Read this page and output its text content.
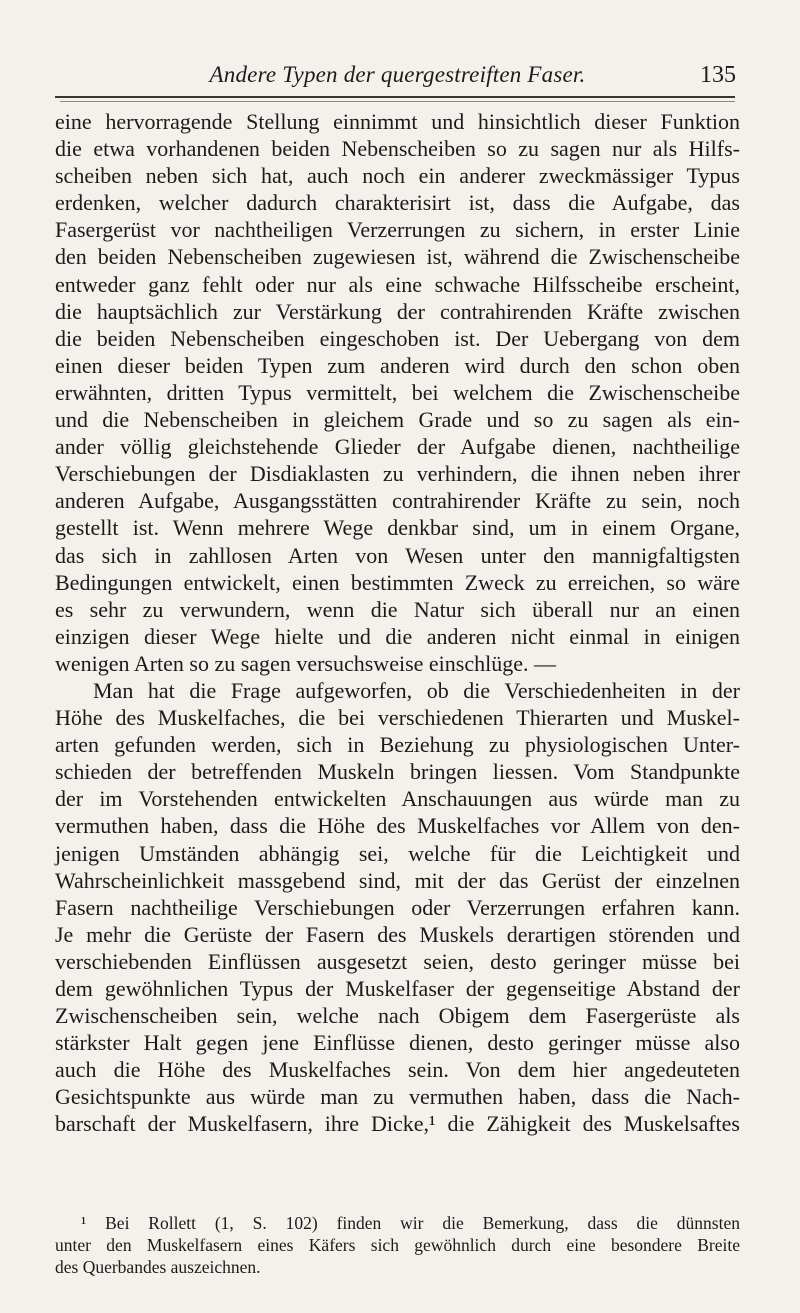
Andere Typen der quergestreiften Faser.	135
eine hervorragende Stellung einnimmt und hinsichtlich dieser Funktion
die etwa vorhandenen beiden Nebenscheiben so zu sagen nur als Hilfs-
scheiben neben sich hat, auch noch ein anderer zweckmässiger Typus
erdenken, welcher dadurch charakterisirt ist, dass die Aufgabe, das
Fasergerüst vor nachtheiligen Verzerrungen zu sichern, in erster Linie
den beiden Nebenscheiben zugewiesen ist, während die Zwischenscheibe
entweder ganz fehlt oder nur als eine schwache Hilfsscheibe erscheint,
die hauptsächlich zur Verstärkung der contrahirenden Kräfte zwischen
die beiden Nebenscheiben eingeschoben ist. Der Uebergang von dem
einen dieser beiden Typen zum anderen wird durch den schon oben
erwähnten, dritten Typus vermittelt, bei welchem die Zwischenscheibe
und die Nebenscheiben in gleichem Grade und so zu sagen als ein-
ander völlig gleichstehende Glieder der Aufgabe dienen, nachtheilige
Verschiebungen der Disdiaklasten zu verhindern, die ihnen neben ihrer
anderen Aufgabe, Ausgangsstätten contrahirender Kräfte zu sein, noch
gestellt ist. Wenn mehrere Wege denkbar sind, um in einem Organe,
das sich in zahllosen Arten von Wesen unter den mannigfaltigsten
Bedingungen entwickelt, einen bestimmten Zweck zu erreichen, so wäre
es sehr zu verwundern, wenn die Natur sich überall nur an einen
einzigen dieser Wege hielte und die anderen nicht einmal in einigen
wenigen Arten so zu sagen versuchsweise einschlüge. —
Man hat die Frage aufgeworfen, ob die Verschiedenheiten in der
Höhe des Muskelfaches, die bei verschiedenen Thierarten und Muskel-
arten gefunden werden, sich in Beziehung zu physiologischen Unter-
schieden der betreffenden Muskeln bringen liessen. Vom Standpunkte
der im Vorstehenden entwickelten Anschauungen aus würde man zu
vermuthen haben, dass die Höhe des Muskelfaches vor Allem von den-
jenigen Umständen abhängig sei, welche für die Leichtigkeit und
Wahrscheinlichkeit massgebend sind, mit der das Gerüst der einzelnen
Fasern nachtheilige Verschiebungen oder Verzerrungen erfahren kann.
Je mehr die Gerüste der Fasern des Muskels derartigen störenden und
verschiebenden Einflüssen ausgesetzt seien, desto geringer müsse bei
dem gewöhnlichen Typus der Muskelfaser der gegenseitige Abstand der
Zwischenscheiben sein, welche nach Obigem dem Fasergerüste als
stärkster Halt gegen jene Einflüsse dienen, desto geringer müsse also
auch die Höhe des Muskelfaches sein. Von dem hier angedeuteten
Gesichtspunkte aus würde man zu vermuthen haben, dass die Nach-
barschaft der Muskelfasern, ihre Dicke,¹ die Zähigkeit des Muskelsaftes
¹ Bei Rollett (1, S. 102) finden wir die Bemerkung, dass die dünnsten
unter den Muskelfasern eines Käfers sich gewöhnlich durch eine besondere Breite
des Querbandes auszeichnen.
